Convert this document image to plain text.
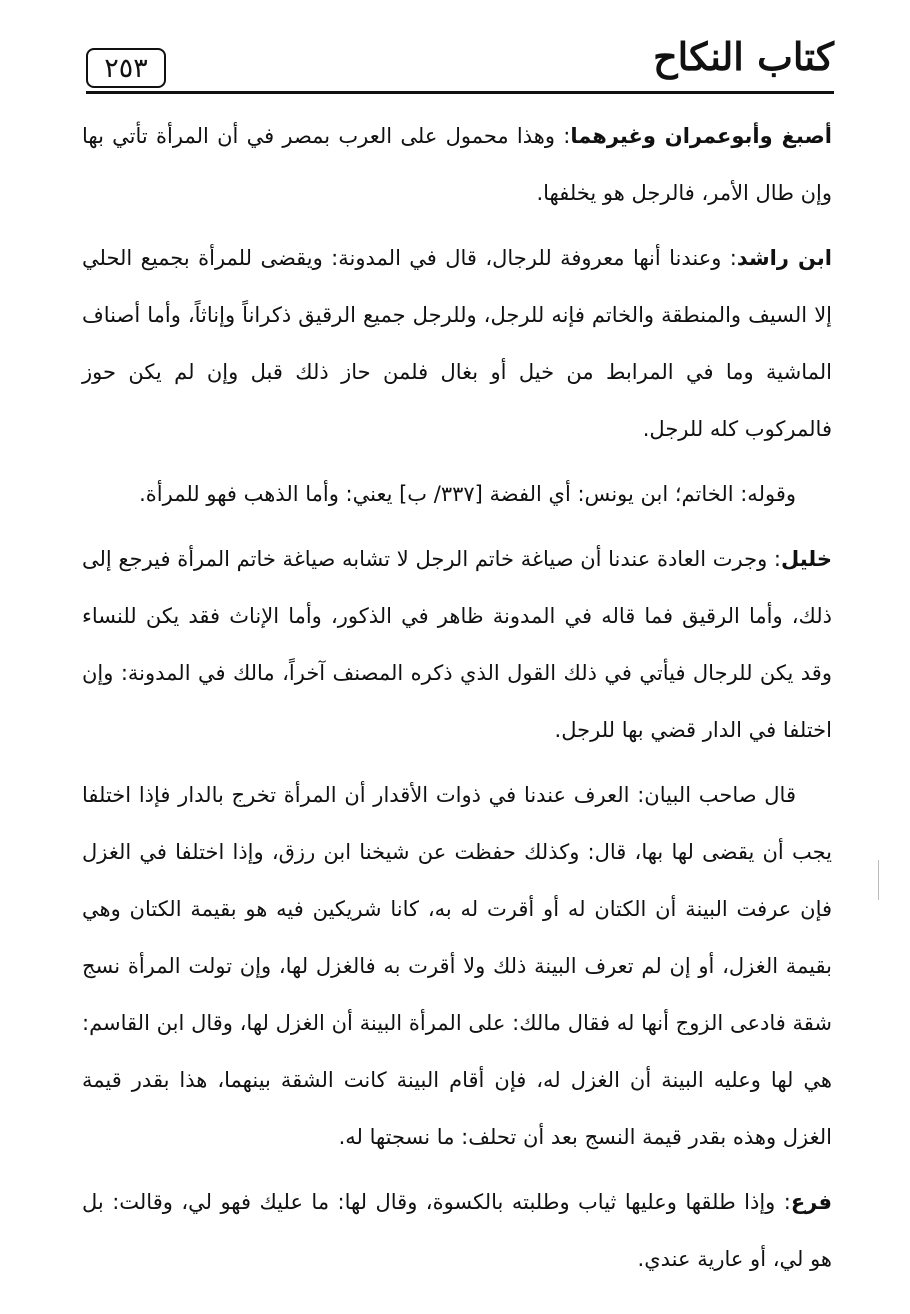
٢٥٣	كتاب النكاح

أصبغ وأبوعمران وغيرهما: وهذا محمول على العرب بمصر في أن المرأة تأتي بها وإن طال الأمر، فالرجل هو يخلفها.

ابن راشد: وعندنا أنها معروفة للرجال، قال في المدونة: ويقضى للمرأة بجميع الحلي إلا السيف والمنطقة والخاتم فإنه للرجل، وللرجل جميع الرقيق ذكراناً وإناثاً، وأما أصناف الماشية وما في المرابط من خيل أو بغال فلمن حاز ذلك قبل وإن لم يكن حوز فالمركوب كله للرجل.

وقوله: الخاتم؛ ابن يونس: أي الفضة [٣٣٧/ ب] يعني: وأما الذهب فهو للمرأة.

خليل: وجرت العادة عندنا أن صياغة خاتم الرجل لا تشابه صياغة خاتم المرأة فيرجع إلى ذلك، وأما الرقيق فما قاله في المدونة ظاهر في الذكور، وأما الإناث فقد يكن للنساء وقد يكن للرجال فيأتي في ذلك القول الذي ذكره المصنف آخراً، مالك في المدونة: وإن اختلفا في الدار قضي بها للرجل.

قال صاحب البيان: العرف عندنا في ذوات الأقدار أن المرأة تخرج بالدار فإذا اختلفا يجب أن يقضى لها بها، قال: وكذلك حفظت عن شيخنا ابن رزق، وإذا اختلفا في الغزل فإن عرفت البينة أن الكتان له أو أقرت له به، كانا شريكين فيه هو بقيمة الكتان وهي بقيمة الغزل، أو إن لم تعرف البينة ذلك ولا أقرت به فالغزل لها، وإن تولت المرأة نسج شقة فادعى الزوج أنها له فقال مالك: على المرأة البينة أن الغزل لها، وقال ابن القاسم: هي لها وعليه البينة أن الغزل له، فإن أقام البينة كانت الشقة بينهما، هذا بقدر قيمة الغزل وهذه بقدر قيمة النسج بعد أن تحلف: ما نسجتها له.

فرع: وإذا طلقها وعليها ثياب وطلبته بالكسوة، وقال لها: ما عليك فهو لي، وقالت: بل هو لي، أو عارية عندي.
